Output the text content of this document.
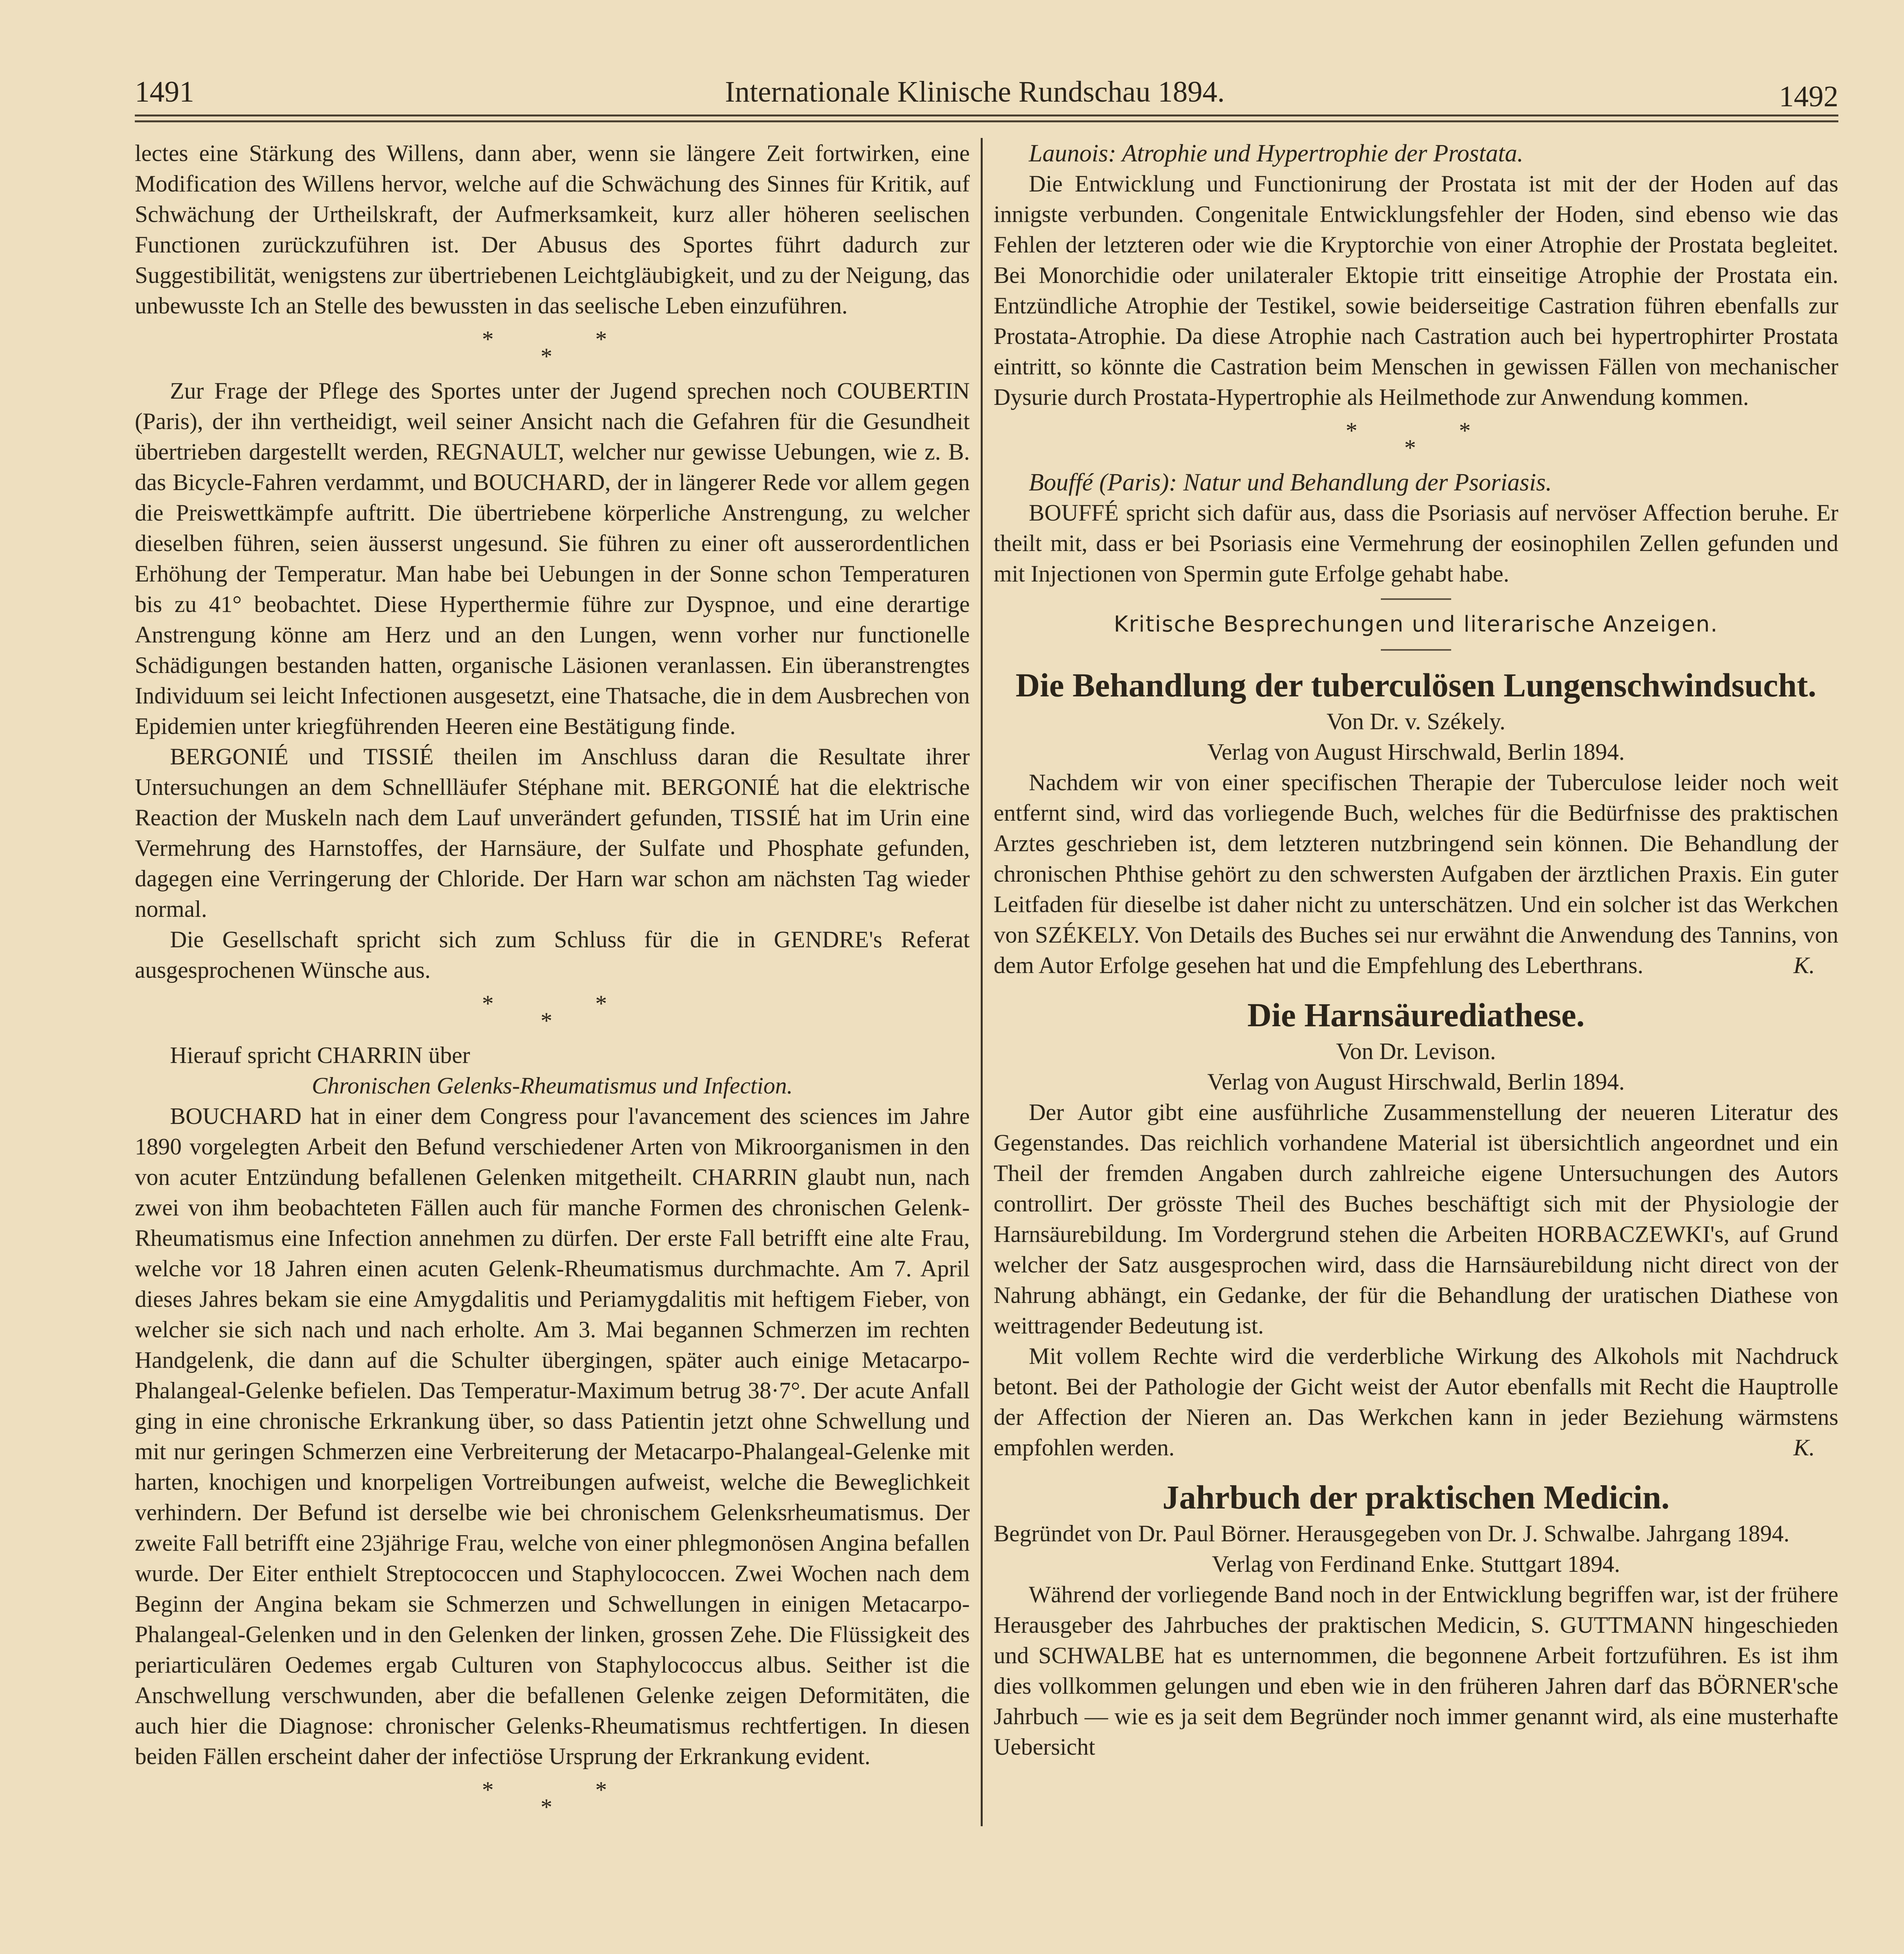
1491	Internationale Klinische Rundschau 1894.	1492
lectes eine Stärkung des Willens, dann aber, wenn sie längere Zeit fortwirken, eine Modification des Willens hervor, welche auf die Schwächung des Sinnes für Kritik, auf Schwächung der Urtheilskraft, der Aufmerksamkeit, kurz aller höheren seelischen Functionen zurückzuführen ist. Der Abusus des Sportes führt dadurch zur Suggestibilität, wenigstens zur übertriebenen Leichtgläubigkeit, und zu der Neigung, das unbewusste Ich an Stelle des bewussten in das seelische Leben einzuführen.
*	*
*
Zur Frage der Pflege des Sportes unter der Jugend sprechen noch COUBERTIN (Paris), der ihn vertheidigt, weil seiner Ansicht nach die Gefahren für die Gesundheit übertrieben dargestellt werden, REGNAULT, welcher nur gewisse Uebungen, wie z. B. das Bicycle-Fahren verdammt, und BOUCHARD, der in längerer Rede vor allem gegen die Preiswettkämpfe auftritt. Die übertriebene körperliche Anstrengung, zu welcher dieselben führen, seien äusserst ungesund. Sie führen zu einer oft ausserordentlichen Erhöhung der Temperatur. Man habe bei Uebungen in der Sonne schon Temperaturen bis zu 41° beobachtet. Diese Hyperthermie führe zur Dyspnoe, und eine derartige Anstrengung könne am Herz und an den Lungen, wenn vorher nur functionelle Schädigungen bestanden hatten, organische Läsionen veranlassen. Ein überanstrengtes Individuum sei leicht Infectionen ausgesetzt, eine Thatsache, die in dem Ausbrechen von Epidemien unter kriegführenden Heeren eine Bestätigung finde.
BERGONIÉ und TISSIÉ theilen im Anschluss daran die Resultate ihrer Untersuchungen an dem Schnellläufer Stéphane mit. BERGONIÉ hat die elektrische Reaction der Muskeln nach dem Lauf unverändert gefunden, TISSIÉ hat im Urin eine Vermehrung des Harnstoffes, der Harnsäure, der Sulfate und Phosphate gefunden, dagegen eine Verringerung der Chloride. Der Harn war schon am nächsten Tag wieder normal.
Die Gesellschaft spricht sich zum Schluss für die in GENDRE's Referat ausgesprochenen Wünsche aus.
*	*
*
Hierauf spricht CHARRIN über
Chronischen Gelenks-Rheumatismus und Infection.
BOUCHARD hat in einer dem Congress pour l'avancement des sciences im Jahre 1890 vorgelegten Arbeit den Befund verschiedener Arten von Mikroorganismen in den von acuter Entzündung befallenen Gelenken mitgetheilt. CHARRIN glaubt nun, nach zwei von ihm beobachteten Fällen auch für manche Formen des chronischen Gelenk-Rheumatismus eine Infection annehmen zu dürfen. Der erste Fall betrifft eine alte Frau, welche vor 18 Jahren einen acuten Gelenk-Rheumatismus durchmachte. Am 7. April dieses Jahres bekam sie eine Amygdalitis und Periamygdalitis mit heftigem Fieber, von welcher sie sich nach und nach erholte. Am 3. Mai begannen Schmerzen im rechten Handgelenk, die dann auf die Schulter übergingen, später auch einige Metacarpo-Phalangeal-Gelenke befielen. Das Temperatur-Maximum betrug 38·7°. Der acute Anfall ging in eine chronische Erkrankung über, so dass Patientin jetzt ohne Schwellung und mit nur geringen Schmerzen eine Verbreiterung der Metacarpo-Phalangeal-Gelenke mit harten, knochigen und knorpeligen Vortreibungen aufweist, welche die Beweglichkeit verhindern. Der Befund ist derselbe wie bei chronischem Gelenksrheumatismus. Der zweite Fall betrifft eine 23jährige Frau, welche von einer phlegmonösen Angina befallen wurde. Der Eiter enthielt Streptococcen und Staphylococcen. Zwei Wochen nach dem Beginn der Angina bekam sie Schmerzen und Schwellungen in einigen Metacarpo-Phalangeal-Gelenken und in den Gelenken der linken, grossen Zehe. Die Flüssigkeit des periarticulären Oedemes ergab Culturen von Staphylococcus albus. Seither ist die Anschwellung verschwunden, aber die befallenen Gelenke zeigen Deformitäten, die auch hier die Diagnose: chronischer Gelenks-Rheumatismus rechtfertigen. In diesen beiden Fällen erscheint daher der infectiöse Ursprung der Erkrankung evident.
*	*
*
Launois: Atrophie und Hypertrophie der Prostata.
Die Entwicklung und Functionirung der Prostata ist mit der der Hoden auf das innigste verbunden. Congenitale Entwicklungsfehler der Hoden, sind ebenso wie das Fehlen der letzteren oder wie die Kryptorchie von einer Atrophie der Prostata begleitet. Bei Monorchidie oder unilateraler Ektopie tritt einseitige Atrophie der Prostata ein. Entzündliche Atrophie der Testikel, sowie beiderseitige Castration führen ebenfalls zur Prostata-Atrophie. Da diese Atrophie nach Castration auch bei hypertrophirter Prostata eintritt, so könnte die Castration beim Menschen in gewissen Fällen von mechanischer Dysurie durch Prostata-Hypertrophie als Heilmethode zur Anwendung kommen.
*	*
*
Bouffé (Paris): Natur und Behandlung der Psoriasis.
BOUFFÉ spricht sich dafür aus, dass die Psoriasis auf nervöser Affection beruhe. Er theilt mit, dass er bei Psoriasis eine Vermehrung der eosinophilen Zellen gefunden und mit Injectionen von Spermin gute Erfolge gehabt habe.
Kritische Besprechungen und literarische Anzeigen.
Die Behandlung der tuberculösen Lungenschwindsucht.
Von Dr. v. Székely.
Verlag von August Hirschwald, Berlin 1894.
Nachdem wir von einer specifischen Therapie der Tuberculose leider noch weit entfernt sind, wird das vorliegende Buch, welches für die Bedürfnisse des praktischen Arztes geschrieben ist, dem letzteren nutzbringend sein können. Die Behandlung der chronischen Phthise gehört zu den schwersten Aufgaben der ärztlichen Praxis. Ein guter Leitfaden für dieselbe ist daher nicht zu unterschätzen. Und ein solcher ist das Werkchen von SZÉKELY. Von Details des Buches sei nur erwähnt die Anwendung des Tannins, von dem Autor Erfolge gesehen hat und die Empfehlung des Leberthrans.	K.
Die Harnsäurediathese.
Von Dr. Levison.
Verlag von August Hirschwald, Berlin 1894.
Der Autor gibt eine ausführliche Zusammenstellung der neueren Literatur des Gegenstandes. Das reichlich vorhandene Material ist übersichtlich angeordnet und ein Theil der fremden Angaben durch zahlreiche eigene Untersuchungen des Autors controllirt. Der grösste Theil des Buches beschäftigt sich mit der Physiologie der Harnsäurebildung. Im Vordergrund stehen die Arbeiten HORBACZEWKI's, auf Grund welcher der Satz ausgesprochen wird, dass die Harnsäurebildung nicht direct von der Nahrung abhängt, ein Gedanke, der für die Behandlung der uratischen Diathese von weittragender Bedeutung ist.
Mit vollem Rechte wird die verderbliche Wirkung des Alkohols mit Nachdruck betont. Bei der Pathologie der Gicht weist der Autor ebenfalls mit Recht die Hauptrolle der Affection der Nieren an. Das Werkchen kann in jeder Beziehung wärmstens empfohlen werden.	K.
Jahrbuch der praktischen Medicin.
Begründet von Dr. Paul Börner. Herausgegeben von Dr. J. Schwalbe. Jahrgang 1894.
Verlag von Ferdinand Enke. Stuttgart 1894.
Während der vorliegende Band noch in der Entwicklung begriffen war, ist der frühere Herausgeber des Jahrbuches der praktischen Medicin, S. GUTTMANN hingeschieden und SCHWALBE hat es unternommen, die begonnene Arbeit fortzuführen. Es ist ihm dies vollkommen gelungen und eben wie in den früheren Jahren darf das BÖRNER'sche Jahrbuch — wie es ja seit dem Begründer noch immer genannt wird, als eine musterhafte Uebersicht
